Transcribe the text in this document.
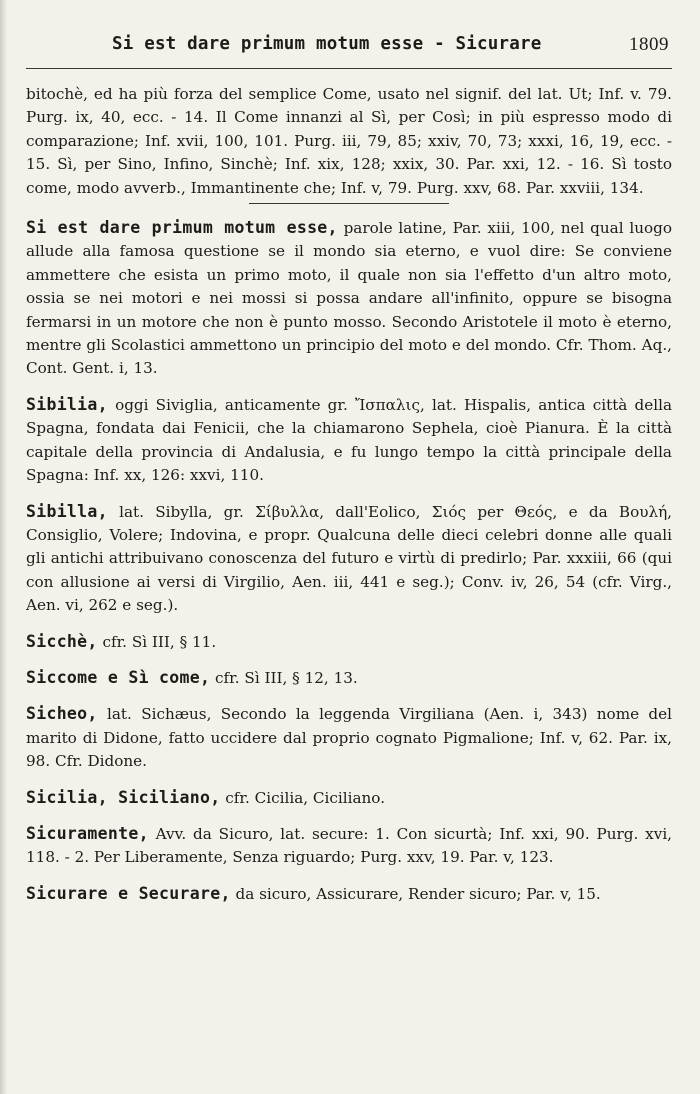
Si est dare primum motum esse - Sicurare	1809

bitochè, ed ha più forza del semplice Come, usato nel signif. del lat. Ut; Inf. v. 79. Purg. ix, 40, ecc. - 14. Il Come innanzi al Sì, per Così; in più espresso modo di comparazione; Inf. xvii, 100, 101. Purg. iii, 79, 85; xxiv, 70, 73; xxxi, 16, 19, ecc. - 15. Sì, per Sino, Infino, Sinchè; Inf. xix, 128; xxix, 30. Par. xxi, 12. - 16. Sì tosto come, modo avverb., Immantinente che; Inf. v, 79. Purg. xxv, 68. Par. xxviii, 134.

Si est dare primum motum esse, parole latine, Par. xiii, 100, nel qual luogo allude alla famosa questione se il mondo sia eterno, e vuol dire: Se conviene ammettere che esista un primo moto, il quale non sia l'effetto d'un altro moto, ossia se nei motori e nei mossi si possa andare all'infinito, oppure se bisogna fermarsi in un motore che non è punto mosso. Secondo Aristotele il moto è eterno, mentre gli Scolastici ammettono un principio del moto e del mondo. Cfr. Thom. Aq., Cont. Gent. i, 13.

Sibilia, oggi Siviglia, anticamente gr. Ἴσπαλις, lat. Hispalis, antica città della Spagna, fondata dai Fenicii, che la chiamarono Sephela, cioè Pianura. È la città capitale della provincia di Andalusia, e fu lungo tempo la città principale della Spagna: Inf. xx, 126: xxvi, 110.

Sibilla, lat. Sibylla, gr. Σίβυλλα, dall'Eolico, Σιός per Θεός, e da Βουλή, Consiglio, Volere; Indovina, e propr. Qualcuna delle dieci celebri donne alle quali gli antichi attribuivano conoscenza del futuro e virtù di predirlo; Par. xxxiii, 66 (qui con allusione ai versi di Virgilio, Aen. iii, 441 e seg.); Conv. iv, 26, 54 (cfr. Virg., Aen. vi, 262 e seg.).

Sicchè, cfr. Sì III, § 11.

Siccome e Sì come, cfr. Sì III, § 12, 13.

Sicheo, lat. Sichæus, Secondo la leggenda Virgiliana (Aen. i, 343) nome del marito di Didone, fatto uccidere dal proprio cognato Pigmalione; Inf. v, 62. Par. ix, 98. Cfr. Didone.

Sicilia, Siciliano, cfr. Cicilia, Ciciliano.

Sicuramente, Avv. da Sicuro, lat. secure: 1. Con sicurtà; Inf. xxi, 90. Purg. xvi, 118. - 2. Per Liberamente, Senza riguardo; Purg. xxv, 19. Par. v, 123.

Sicurare e Securare, da sicuro, Assicurare, Render sicuro; Par. v, 15.
